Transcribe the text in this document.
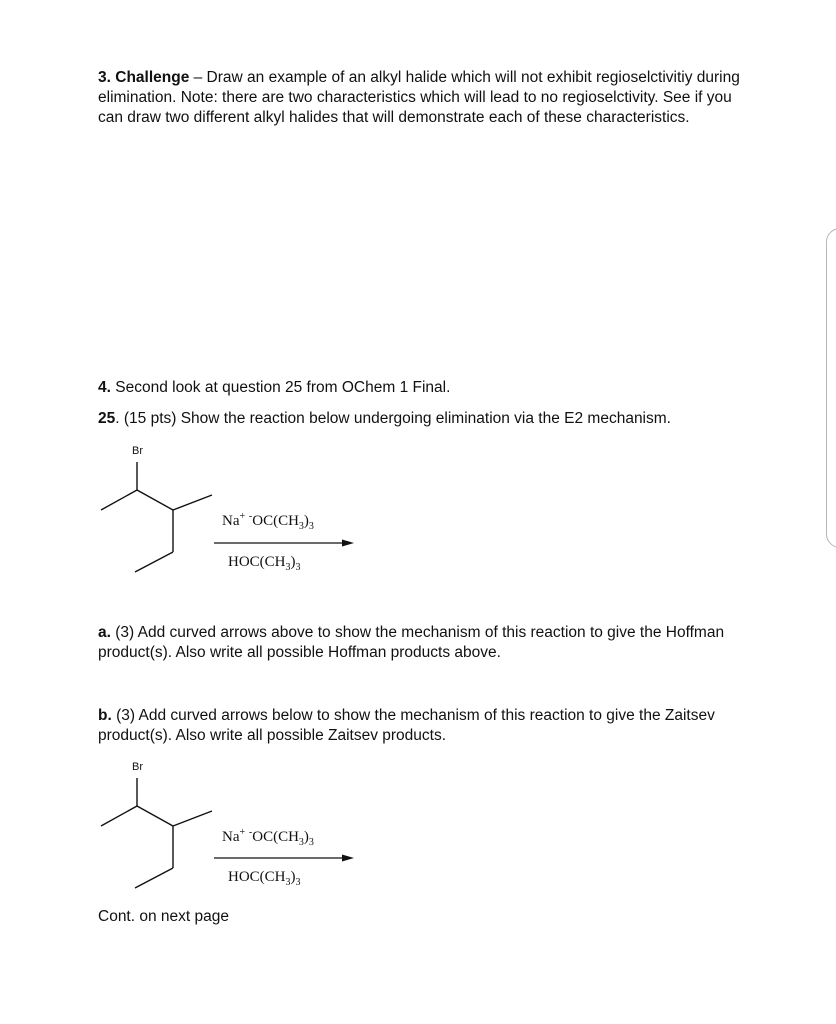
3. Challenge – Draw an example of an alkyl halide which will not exhibit regioselctivitiy during elimination. Note: there are two characteristics which will lead to no regioselctivity. See if you can draw two different alkyl halides that will demonstrate each of these characteristics.
4. Second look at question 25 from OChem 1 Final.
25. (15 pts) Show the reaction below undergoing elimination via the E2 mechanism.
Br
Na+ $^-OC(CH_3)_3$
$HOC(CH_3)_3$
a. (3) Add curved arrows above to show the mechanism of this reaction to give the Hoffman product(s). Also write all possible Hoffman products above.
b. (3) Add curved arrows below to show the mechanism of this reaction to give the Zaitsev product(s). Also write all possible Zaitsev products.
Br
Na+ $^-OC(CH_3)_3$
$HOC(CH_3)_3$
Cont. on next page
